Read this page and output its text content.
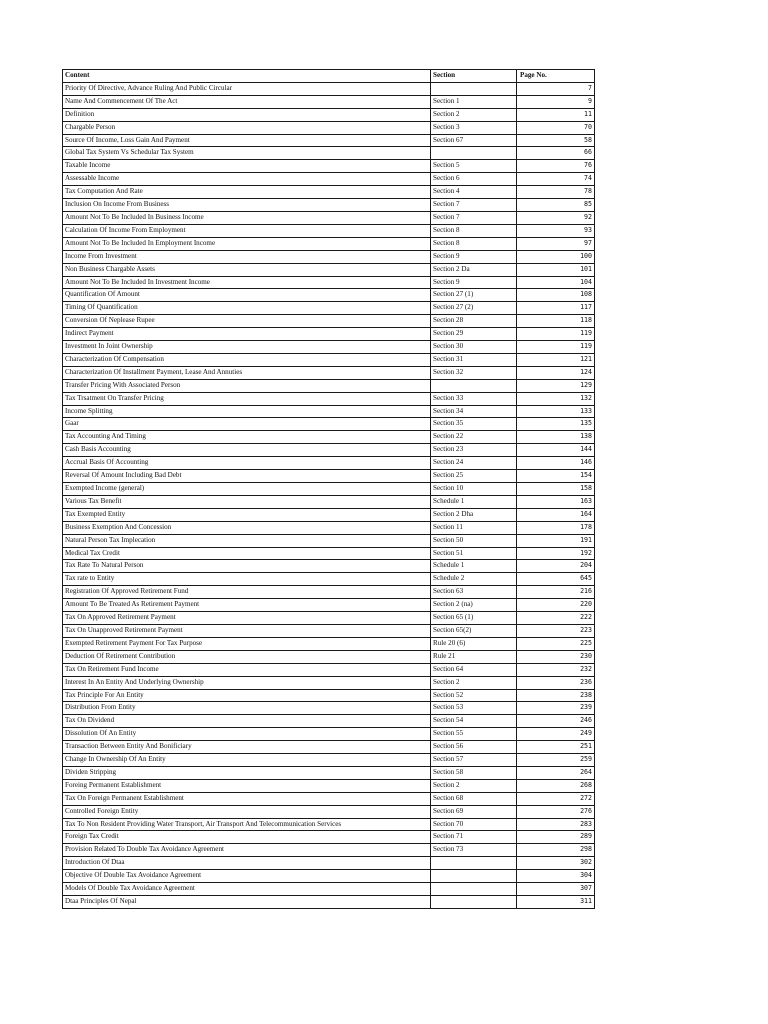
Content	Section	Page No.
Priority Of Directive, Advance Ruling And Public Circular		7
Name And Commencement Of The Act	Section 1	9
Definition	Section 2	11
Chargable Person	Section 3	70
Source Of Income, Loss Gain And Payment	Section 67	58
Global Tax System Vs Schedular Tax System		66
Taxable Income	Section 5	76
Assessable Income	Section 6	74
Tax Computation And Rate	Section 4	78
Inclusion On Income From Business	Section 7	85
Amount Not To Be Included In Business Income	Section 7	92
Calculation Of Income From Employment	Section 8	93
Amount Not To Be Included In Employment Income	Section 8	97
Income From Investment	Section 9	100
Non Business Chargable Assets	Section 2 Da	101
Amount Not To Be Included In Investment Income	Section 9	104
Quantification Of Amount	Section 27 (1)	108
Timing Of Quantification	Section 27 (2)	117
Conversion Of Neplease Rupee	Section 28	118
Indirect Payment	Section 29	119
Investment In Joint Ownership	Section 30	119
Characterization Of Compensation	Section 31	121
Characterization Of Installment Payment, Lease And Annuties	Section 32	124
Transfer Pricing With Associated Person		129
Tax Trsatment On Transfer Pricing	Section 33	132
Income Splitting	Section 34	133
Gaar	Section 35	135
Tax Accounting And Timing	Section 22	138
Cash Basis Accounting	Section 23	144
Accrual Basis Of Accounting	Section 24	146
Reversal Of Amount Including Bad Debt	Section 25	154
Exempted Income (general)	Section 10	158
Various Tax Benefit	Schedule 1	163
Tax Exempted Entity	Section 2 Dha	164
Business Exemption And Concession	Section 11	178
Natural Person Tax Implecation	Section 50	191
Medical Tax Credit	Section 51	192
Tax Rate To Natural Person	Schedule 1	204
Tax rate to Entity	Schedule 2	645
Registration Of Approved Retirement Fund	Section 63	216
Amount To Be Treated As Retirement Payment	Section 2 (na)	220
Tax On Approved Retirement Payment	Section 65 (1)	222
Tax On Unapproved Retirement Payment	Section 65(2)	223
Exempted Retirement Payment For Tax Purpose	Rule 20 (6)	225
Deduction Of Retirement Contribution	Rule 21	230
Tax On Retirement Fund Income	Section 64	232
Interest In An Entity And Underlying Ownership	Section 2	236
Tax Principle For An Entity	Section 52	238
Distribution From Entity	Section 53	239
Tax On Dividend	Section 54	246
Dissolution Of An Entity	Section 55	249
Transaction Between Entity And Bonificiary	Section 56	251
Change In Ownership Of An Entity	Section 57	259
Dividen Stripping	Section 58	264
Foreing Permanent Establishment	Section 2	268
Tax On Foreign Permanent Establishment	Section 68	272
Controlled Foreign Entity	Section 69	276
Tax To Non Resident Providing Water Transport, Air Transport And Telecommunication Services	Section 70	283
Foreign Tax Credit	Section 71	289
Provision Related To Double Tax Avoidance Agreement	Section 73	298
Introduction Of Dtaa		302
Objective Of Double Tax Avoidance Agreement		304
Models Of Double Tax Avoidance Agreement		307
Dtaa Principles Of Nepal		311
